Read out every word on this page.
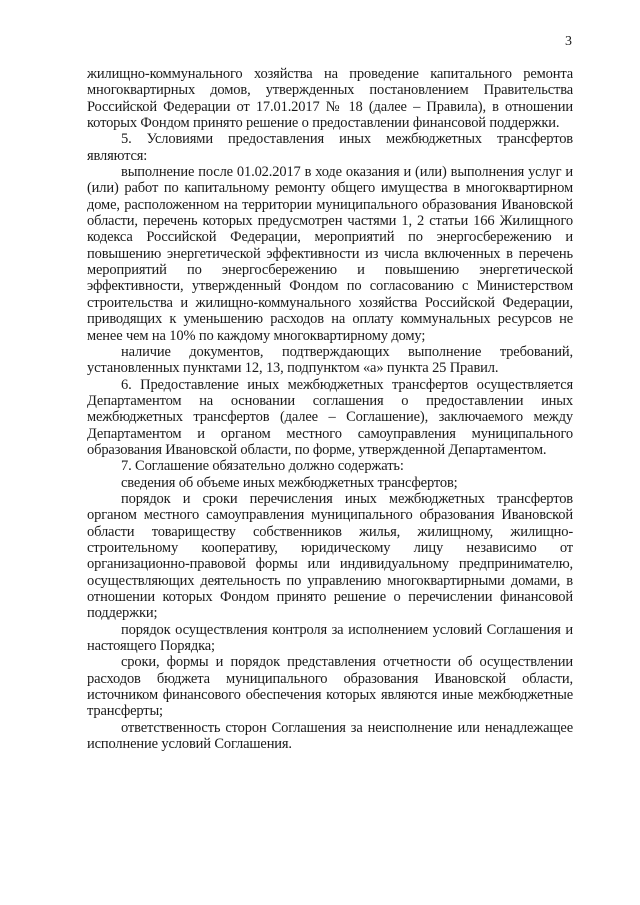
3

жилищно-коммунального хозяйства на проведение капитального ремонта многоквартирных домов, утвержденных постановлением Правительства Российской Федерации от 17.01.2017 № 18 (далее – Правила), в отношении которых Фондом принято решение о предоставлении финансовой поддержки.

5. Условиями предоставления иных межбюджетных трансфертов являются:

выполнение после 01.02.2017 в ходе оказания и (или) выполнения услуг и (или) работ по капитальному ремонту общего имущества в многоквартирном доме, расположенном на территории муниципального образования Ивановской области, перечень которых предусмотрен частями 1, 2 статьи 166 Жилищного кодекса Российской Федерации, мероприятий по энергосбережению и повышению энергетической эффективности из числа включенных в перечень мероприятий по энергосбережению и повышению энергетической эффективности, утвержденный Фондом по согласованию с Министерством строительства и жилищно-коммунального хозяйства Российской Федерации, приводящих к уменьшению расходов на оплату коммунальных ресурсов не менее чем на 10% по каждому многоквартирному дому;

наличие документов, подтверждающих выполнение требований, установленных пунктами 12, 13, подпунктом «а» пункта 25 Правил.

6. Предоставление иных межбюджетных трансфертов осуществляется Департаментом на основании соглашения о предоставлении иных межбюджетных трансфертов (далее – Соглашение), заключаемого между Департаментом и органом местного самоуправления муниципального образования Ивановской области, по форме, утвержденной Департаментом.

7. Соглашение обязательно должно содержать:

сведения об объеме иных межбюджетных трансфертов;

порядок и сроки перечисления иных межбюджетных трансфертов органом местного самоуправления муниципального образования Ивановской области товариществу собственников жилья, жилищному, жилищно-строительному кооперативу, юридическому лицу независимо от организационно-правовой формы или индивидуальному предпринимателю, осуществляющих деятельность по управлению многоквартирными домами, в отношении которых Фондом принято решение о перечислении финансовой поддержки;

порядок осуществления контроля за исполнением условий Соглашения и настоящего Порядка;

сроки, формы и порядок представления отчетности об осуществлении расходов бюджета муниципального образования Ивановской области, источником финансового обеспечения которых являются иные межбюджетные трансферты;

ответственность сторон Соглашения за неисполнение или ненадлежащее исполнение условий Соглашения.
